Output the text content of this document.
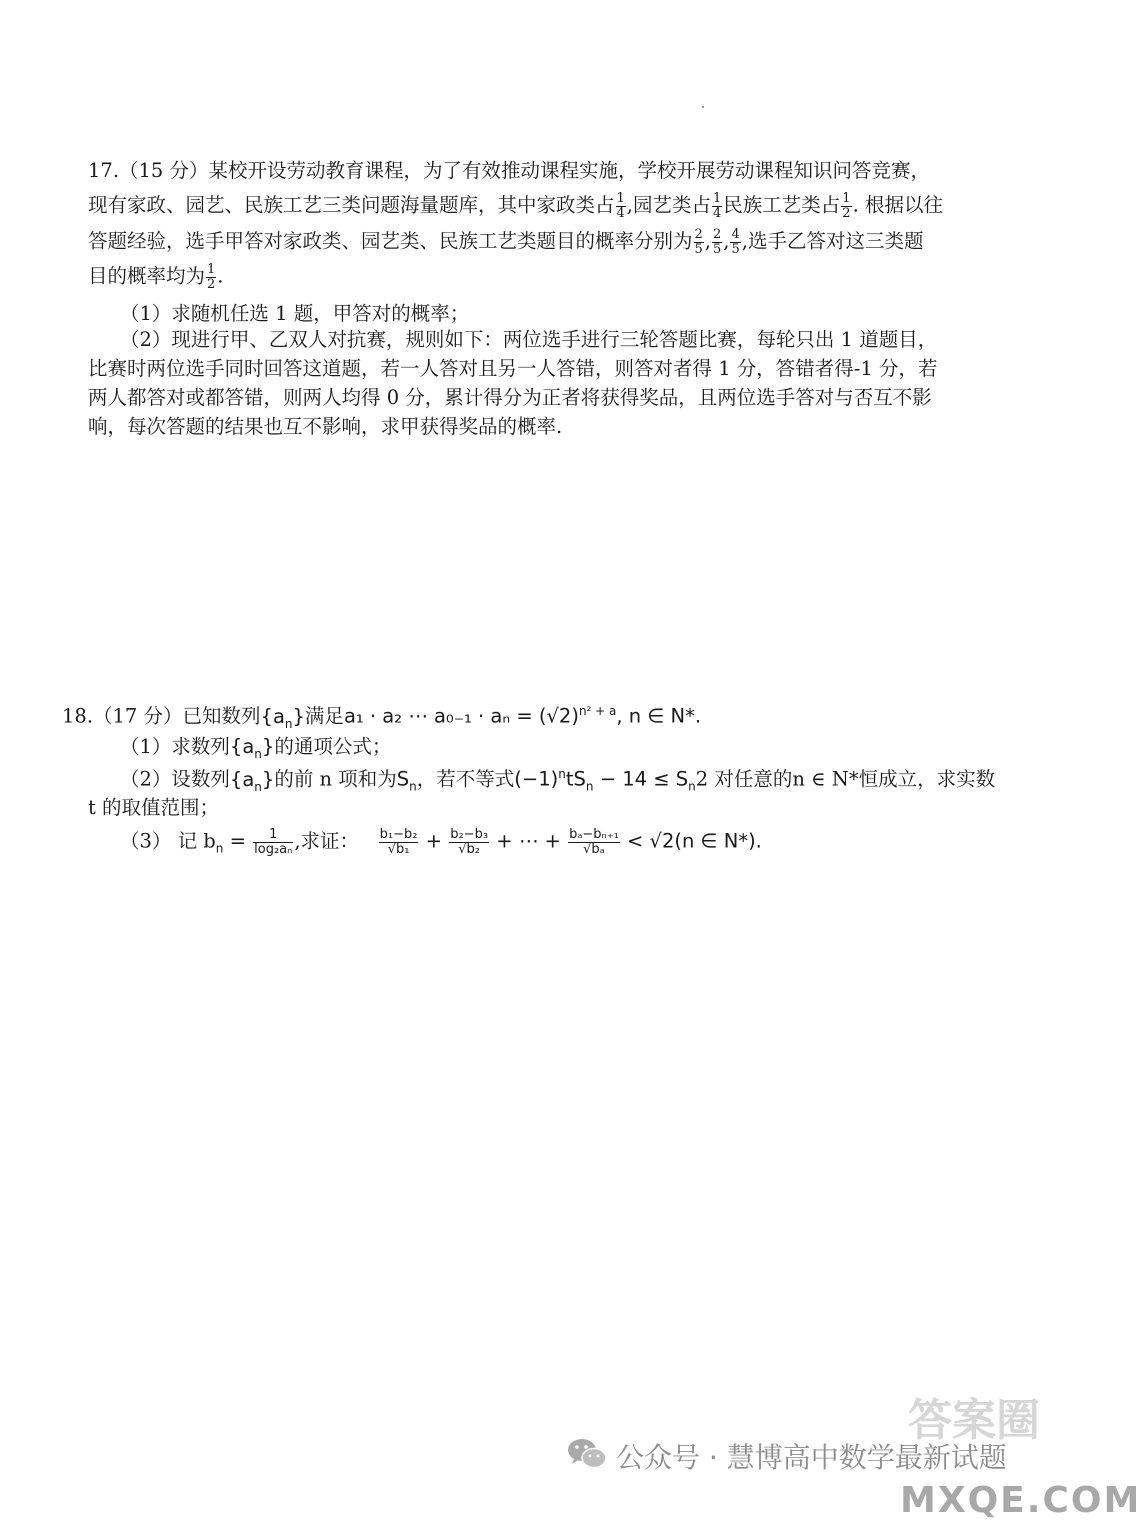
17.（15 分）某校开设劳动教育课程，为了有效推动课程实施，学校开展劳动课程知识问答竞赛，
现有家政、园艺、民族工艺三类问题海量题库，其中家政类占 $\frac{1}{4}$ ,园艺类占 $\frac{1}{4}$ 民族工艺类占 $\frac{1}{2}$ . 根据以往
答题经验，选手甲答对家政类、园艺类、民族工艺类题目的概率分别为 $\frac{2}{5}$ , $\frac{2}{5}$ , $\frac{4}{5}$ ,选手乙答对这三类题
目的概率均为 $\frac{1}{2}$ .
（1）求随机任选 1 题，甲答对的概率；
（2）现进行甲、乙双人对抗赛，规则如下：两位选手进行三轮答题比赛，每轮只出 1 道题目，
比赛时两位选手同时回答这道题，若一人答对且另一人答错，则答对者得 1 分，答错者得-1 分，若
两人都答对或都答错，则两人均得 0 分，累计得分为正者将获得奖品，且两位选手答对与否互不影
响，每次答题的结果也互不影响，求甲获得奖品的概率.
18.（17 分）已知数列$\{a_n\}$满足a₁ · a₂ ⋯ $a_{0-1} \cdot a_n = (√2)^{n^2 + a}$, n ∈ N*.
（1）求数列$\{a_n\}$的通项公式；
（2）设数列$\{a_n\}$的前 n 项和为$S_n$，若不等式$(-1)^ntS_n - 14 \le S_n2$ 对任意的n ∈ N*恒成立，求实数
t 的取值范围；
（3） 记 $b_n = \frac{1}{\text{log₂aₙ}}$ ,求证： $\frac{\text{b₁−b₂}}{\text{√b₁}} + \frac{\text{b₂−b₃}}{\text{√b₂}}$ + ⋯ + $\frac{\text{bₐ−bₙ₊₁}}{\text{√bₐ}} < √2(n$ ∈ N*).
公众号 · 慧博高中数学最新试题
答案圈
MXQE.COM
